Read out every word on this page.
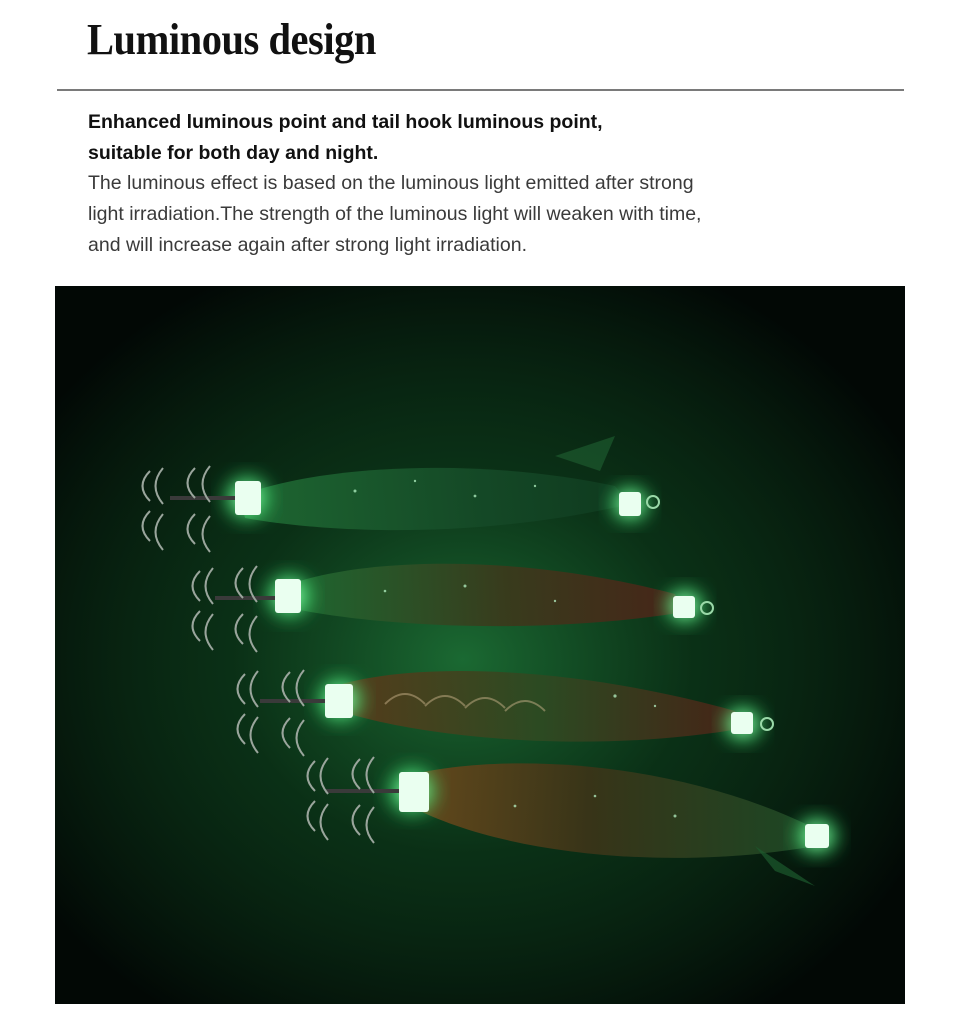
Luminous design
Enhanced luminous point and tail hook luminous point,
suitable for both day and night.
The luminous effect is based on the luminous light emitted after strong
light irradiation.The strength of the luminous light will weaken with time,
and will increase again after strong light irradiation.
